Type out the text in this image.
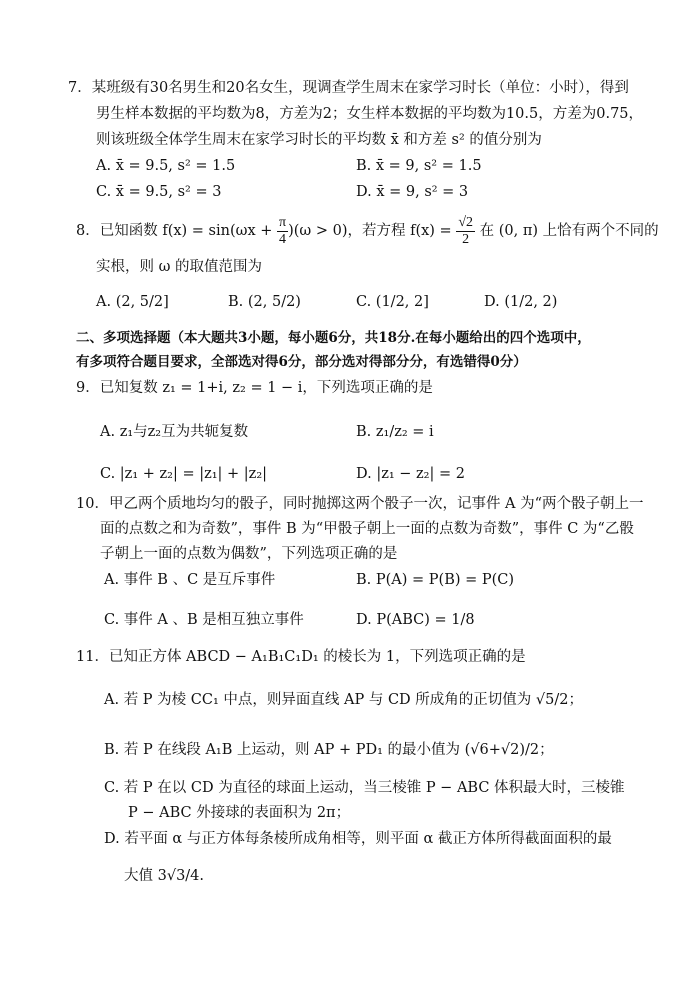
7．某班级有30名男生和20名女生，现调查学生周末在家学习时长（单位：小时），得到
男生样本数据的平均数为8，方差为2；女生样本数据的平均数为10.5，方差为0.75，
则该班级全体学生周末在家学习时长的平均数 x̄ 和方差 s² 的值分别为
A. x̄ = 9.5, s² = 1.5	B. x̄ = 9, s² = 1.5
C. x̄ = 9.5, s² = 3	D. x̄ = 9, s² = 3
8．已知函数 $f(x) = \sin(\omega x + \frac{\pi}{4} )(\omega > 0)$，若方程 $f(x) = \frac{√2}{2}$ 在 (0, π) 上恰有两个不同的
实根，则 ω 的取值范围为
A. (2, 5/2]	B. (2, 5/2)	C. (1/2, 2]	D. (1/2, 2)
二、多项选择题（本大题共3小题，每小题6分，共18分.在每小题给出的四个选项中，
有多项符合题目要求，全部选对得6分，部分选对得部分分，有选错得0分）
9．已知复数 z₁ = 1+i, z₂ = 1 − i，下列选项正确的是
A. z₁与z₂互为共轭复数	B. z₁/z₂ = i
C. |z₁ + z₂| = |z₁| + |z₂|	D. |z₁ − z₂| = 2
10．甲乙两个质地均匀的骰子，同时抛掷这两个骰子一次，记事件 A 为“两个骰子朝上一
面的点数之和为奇数”，事件 B 为“甲骰子朝上一面的点数为奇数”，事件 C 为“乙骰
子朝上一面的点数为偶数”，下列选项正确的是
A. 事件 B 、C 是互斥事件	B. P(A) = P(B) = P(C)
C. 事件 A 、B 是相互独立事件	D. P(ABC) = 1/8
11．已知正方体 ABCD − A₁B₁C₁D₁ 的棱长为 1，下列选项正确的是
A. 若 P 为棱 CC₁ 中点，则异面直线 AP 与 CD 所成角的正切值为 √5/2；
B. 若 P 在线段 A₁B 上运动，则 AP + PD₁ 的最小值为 (√6+√2)/2；
C. 若 P 在以 CD 为直径的球面上运动，当三棱锥 P − ABC 体积最大时，三棱锥
P − ABC 外接球的表面积为 2π；
D. 若平面 α 与正方体每条棱所成角相等，则平面 α 截正方体所得截面面积的最
大值 3√3/4.
